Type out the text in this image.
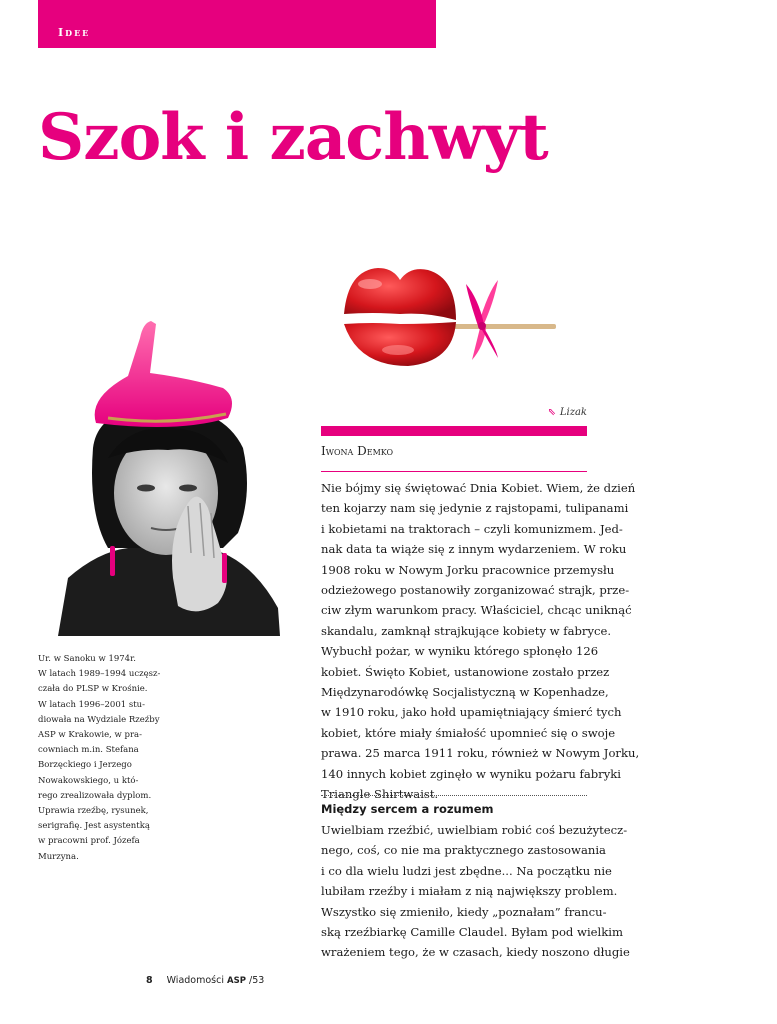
Idee
Szok i zachwyt
⇖ Lizak
Iwona Demko
Nie bójmy się świętować Dnia Kobiet. Wiem, że dzień
ten kojarzy nam się jedynie z rajstopami, tulipanami
i kobietami na traktorach – czyli komunizmem. Jed-
nak data ta wiąże się z innym wydarzeniem. W roku
1908 roku w Nowym Jorku pracownice przemysłu
odzieżowego postanowiły zorganizować strajk, prze-
ciw złym warunkom pracy. Właściciel, chcąc uniknąć
skandalu, zamknął strajkujące kobiety w fabryce.
Wybuchł pożar, w wyniku którego spłonęło 126
kobiet. Święto Kobiet, ustanowione zostało przez
Międzynarodówkę Socjalistyczną w Kopenhadze,
w 1910 roku, jako hołd upamiętniający śmierć tych
kobiet, które miały śmiałość upomnieć się o swoje
prawa. 25 marca 1911 roku, również w Nowym Jorku,
140 innych kobiet zginęło w wyniku pożaru fabryki
Triangle Shirtwaist.
Między sercem a rozumem
Uwielbiam rzeźbić, uwielbiam robić coś bezużytecz-
nego, coś, co nie ma praktycznego zastosowania
i co dla wielu ludzi jest zbędne... Na początku nie
lubiłam rzeźby i miałam z nią największy problem.
Wszystko się zmieniło, kiedy „poznałam” francu-
ską rzeźbiarkę Camille Claudel. Byłam pod wielkim
wrażeniem tego, że w czasach, kiedy noszono długie
Ur. w Sanoku w 1974r.
W latach 1989–1994 uczęsz-
czała do PLSP w Krośnie.
W latach 1996–2001 stu-
diowała na Wydziale Rzeźby
ASP w Krakowie, w pra-
cowniach m.in. Stefana
Borzęckiego i Jerzego
Nowakowskiego, u któ-
rego zrealizowała dyplom.
Uprawia rzeźbę, rysunek,
serigrafię. Jest asystentką
w pracowni prof. Józefa
Murzyna.
8 Wiadomości ASP /53
